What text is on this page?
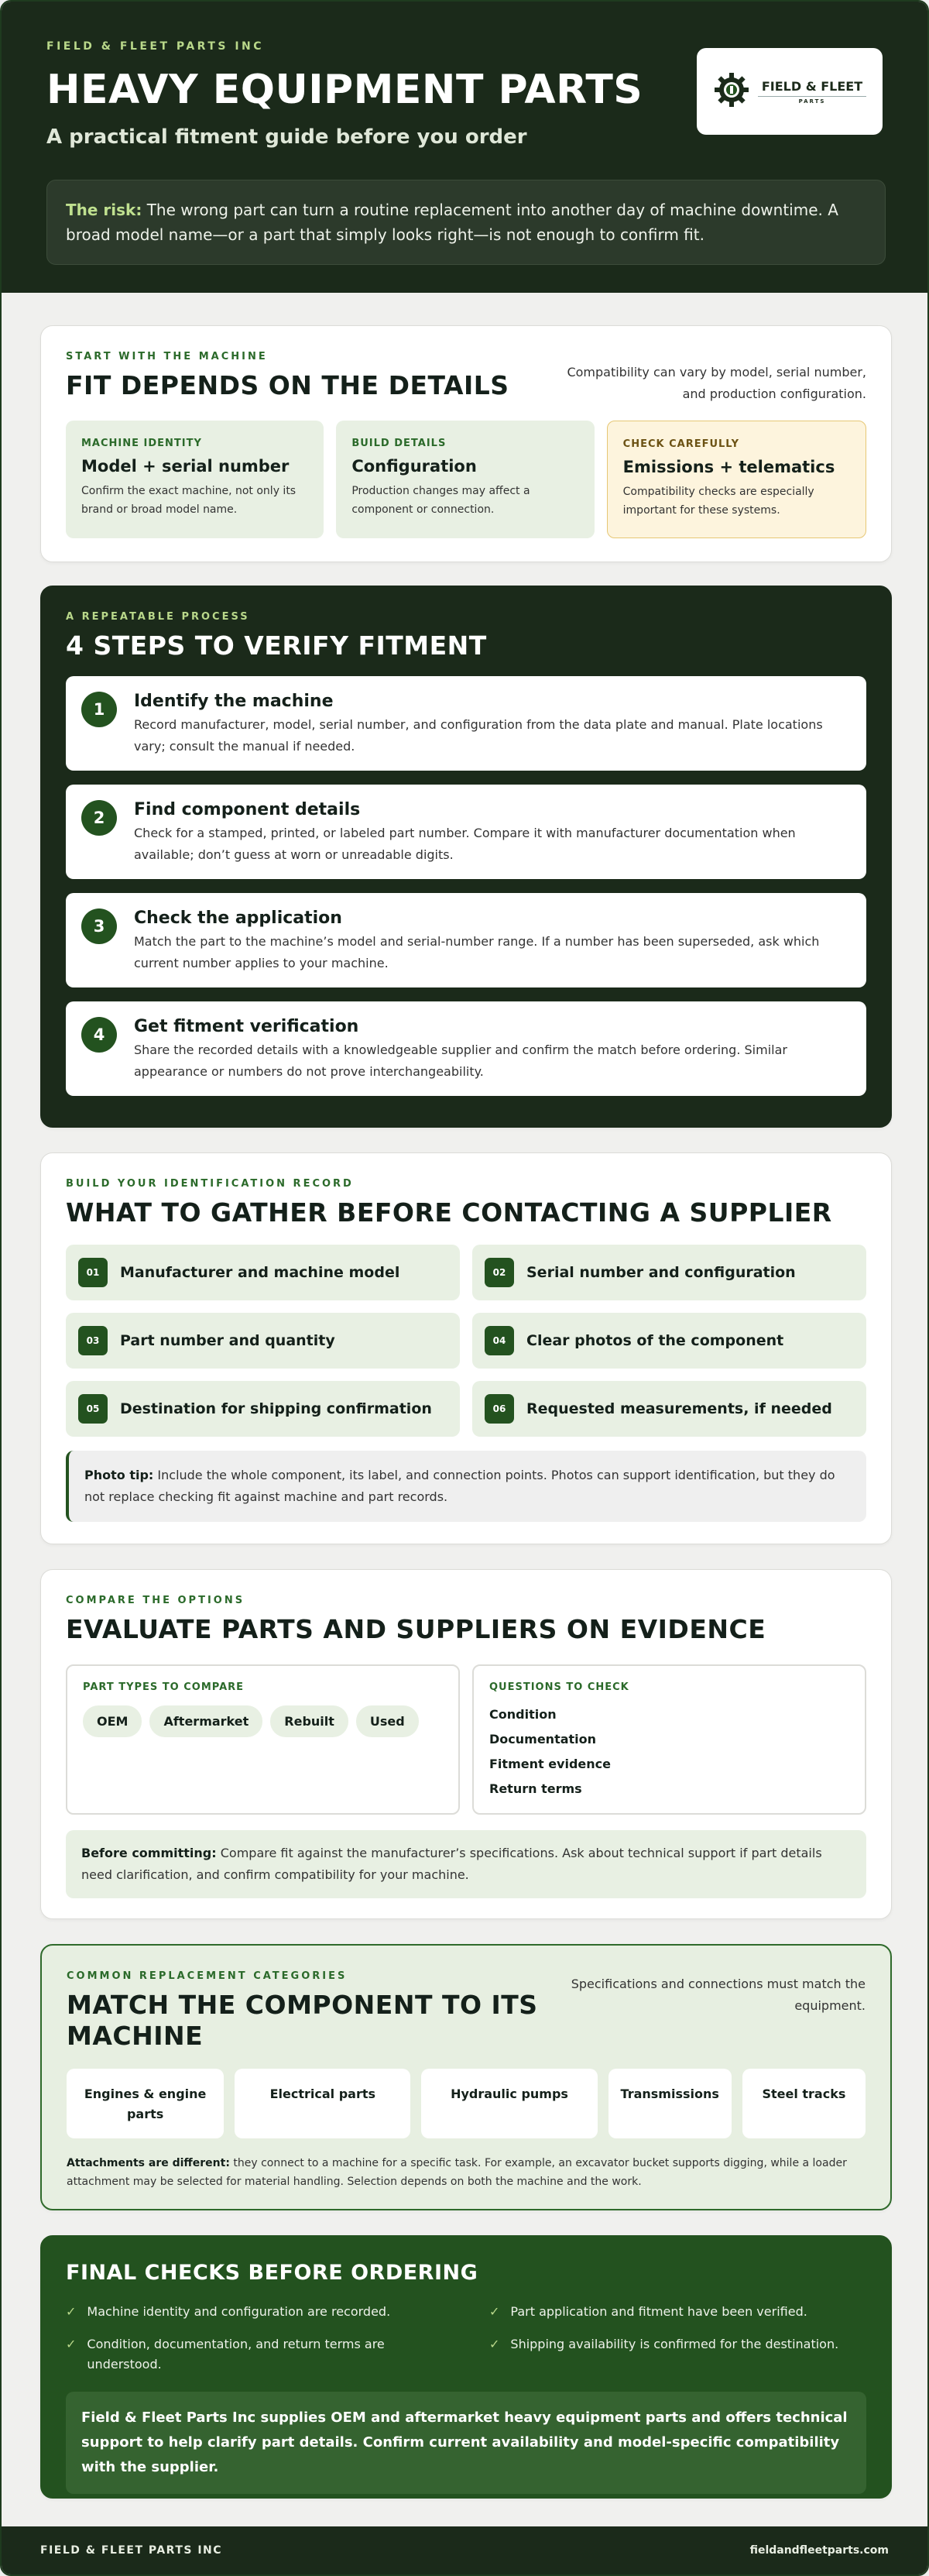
FIELD & FLEET PARTS INC
HEAVY EQUIPMENT PARTS
A practical fitment guide before you order
FIELD & FLEET
PARTS
The risk: The wrong part can turn a routine replacement into another day of machine downtime. A broad model name—or a part that simply looks right—is not enough to confirm fit.
START WITH THE MACHINE
FIT DEPENDS ON THE DETAILS	Compatibility can vary by model, serial number, and production configuration.
MACHINE IDENTITY
Model + serial number
Confirm the exact machine, not only its brand or broad model name.
BUILD DETAILS
Configuration
Production changes may affect a component or connection.
CHECK CAREFULLY
Emissions + telematics
Compatibility checks are especially important for these systems.
A REPEATABLE PROCESS
4 STEPS TO VERIFY FITMENT
1	Identify the machine
Record manufacturer, model, serial number, and configuration from the data plate and manual. Plate locations vary; consult the manual if needed.
2	Find component details
Check for a stamped, printed, or labeled part number. Compare it with manufacturer documentation when available; don’t guess at worn or unreadable digits.
3	Check the application
Match the part to the machine’s model and serial-number range. If a number has been superseded, ask which current number applies to your machine.
4	Get fitment verification
Share the recorded details with a knowledgeable supplier and confirm the match before ordering. Similar appearance or numbers do not prove interchangeability.
BUILD YOUR IDENTIFICATION RECORD
WHAT TO GATHER BEFORE CONTACTING A SUPPLIER
01	Manufacturer and machine model	02	Serial number and configuration
03	Part number and quantity	04	Clear photos of the component
05	Destination for shipping confirmation	06	Requested measurements, if needed
Photo tip: Include the whole component, its label, and connection points. Photos can support identification, but they do not replace checking fit against machine and part records.
COMPARE THE OPTIONS
EVALUATE PARTS AND SUPPLIERS ON EVIDENCE
PART TYPES TO COMPARE
OEM	Aftermarket	Rebuilt	Used
QUESTIONS TO CHECK
Condition
Documentation
Fitment evidence
Return terms
Before committing: Compare fit against the manufacturer’s specifications. Ask about technical support if part details need clarification, and confirm compatibility for your machine.
COMMON REPLACEMENT CATEGORIES
MATCH THE COMPONENT TO ITS MACHINE
Specifications and connections must match the equipment.
Engines & engine parts
Electrical parts	Hydraulic pumps	Transmissions	Steel tracks
Attachments are different: they connect to a machine for a specific task. For example, an excavator bucket supports digging, while a loader attachment may be selected for material handling. Selection depends on both the machine and the work.
FINAL CHECKS BEFORE ORDERING
✓ Machine identity and configuration are recorded.	✓ Part application and fitment have been verified.
✓ Condition, documentation, and return terms are understood.
✓ Shipping availability is confirmed for the destination.
Field & Fleet Parts Inc supplies OEM and aftermarket heavy equipment parts and offers technical support to help clarify part details. Confirm current availability and model-specific compatibility with the supplier.
FIELD & FLEET PARTS INC	fieldandfleetparts.com
